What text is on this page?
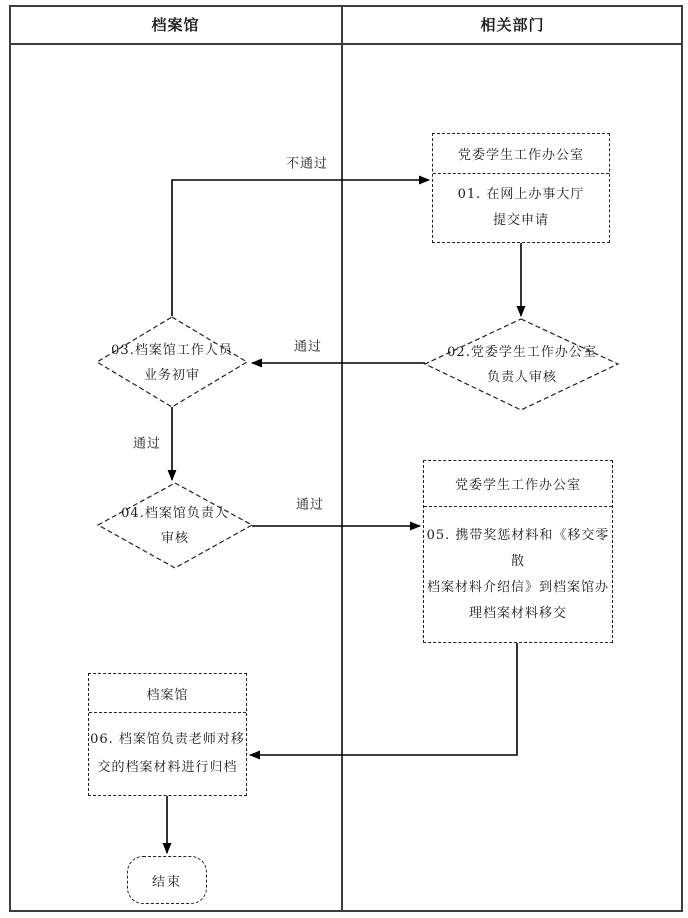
档案馆	相关部门
党委学生工作办公室
01. 在网上办事大厅
提交申请
02.党委学生工作办公室
负责人审核
03.档案馆工作人员
业务初审
04.档案馆负责人
审核
党委学生工作办公室
05. 携带奖惩材料和《移交零散
档案材料介绍信》到档案馆办
理档案材料移交
档案馆
06. 档案馆负责老师对移
交的档案材料进行归档
结束
不通过
通过
通过
通过
